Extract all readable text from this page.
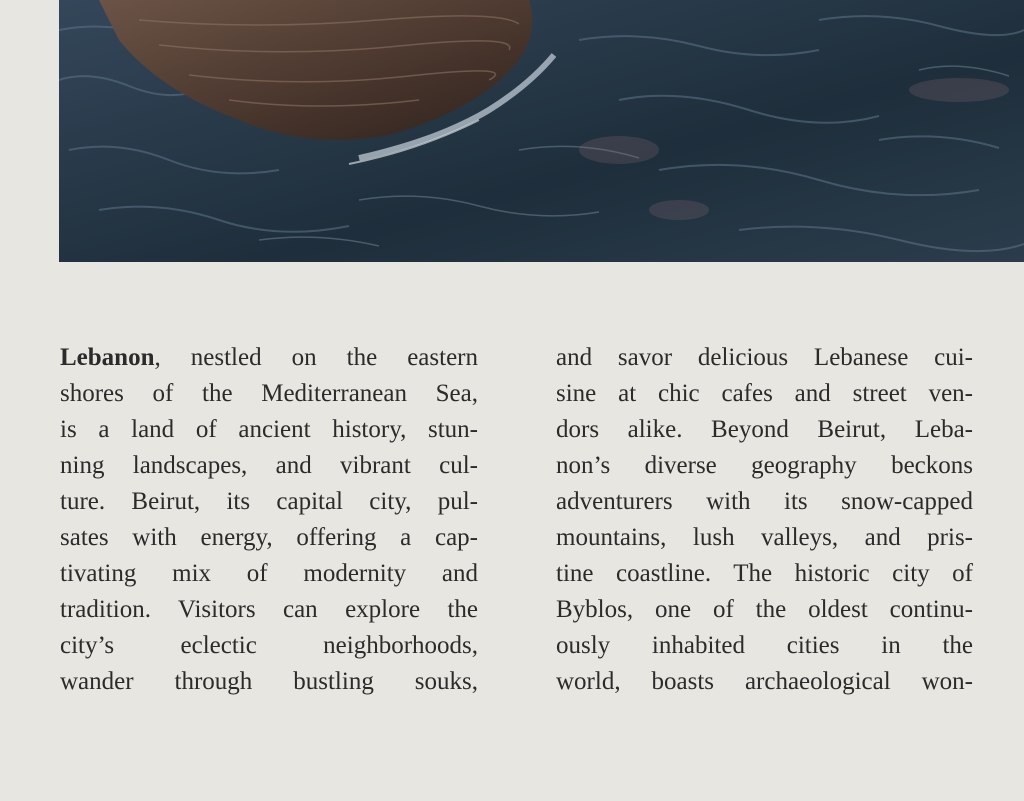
Lebanon, nestled on the eastern
shores of the Mediterranean Sea,
is a land of ancient history, stun-
ning landscapes, and vibrant cul-
ture. Beirut, its capital city, pul-
sates with energy, offering a cap-
tivating mix of modernity and
tradition. Visitors can explore the
city’s eclectic neighborhoods,
wander through bustling souks,
and savor delicious Lebanese cui-
sine at chic cafes and street ven-
dors alike. Beyond Beirut, Leba-
non’s diverse geography beckons
adventurers with its snow-capped
mountains, lush valleys, and pris-
tine coastline. The historic city of
Byblos, one of the oldest continu-
ously inhabited cities in the
world, boasts archaeological won-
